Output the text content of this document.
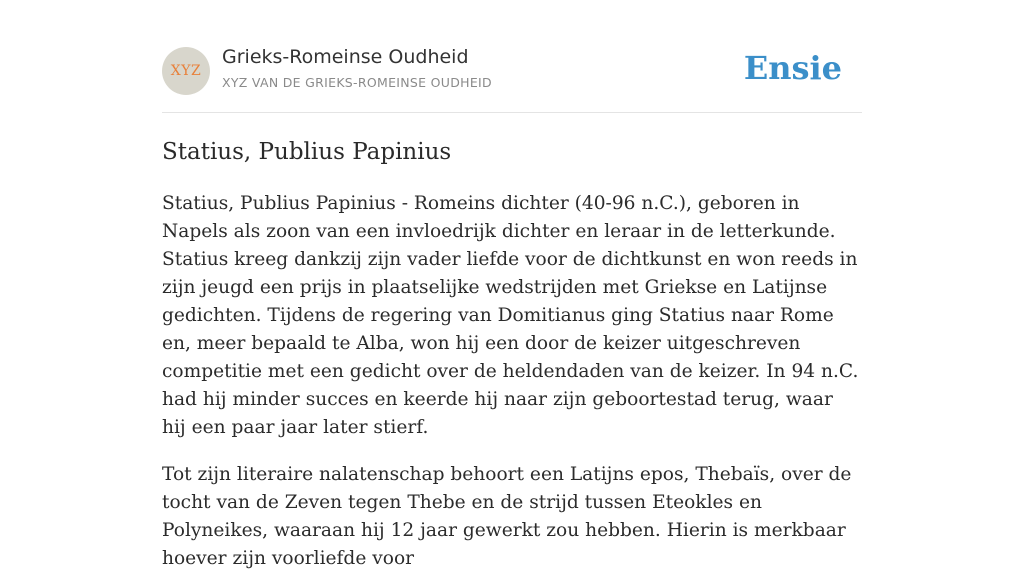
XYZ
Grieks-Romeinse Oudheid
XYZ VAN DE GRIEKS-ROMEINSE OUDHEID	Ensie
Statius, Publius Papinius

Statius, Publius Papinius - Romeins dichter (40-96 n.C.), geboren in Napels als zoon van een invloedrijk dichter en leraar in de letterkunde. Statius kreeg dankzij zijn vader liefde voor de dichtkunst en won reeds in zijn jeugd een prijs in plaatselijke wedstrijden met Griekse en Latijnse gedichten. Tijdens de regering van Domitianus ging Statius naar Rome en, meer bepaald te Alba, won hij een door de keizer uitgeschreven competitie met een gedicht over de heldendaden van de keizer. In 94 n.C. had hij minder succes en keerde hij naar zijn geboortestad terug, waar hij een paar jaar later stierf.

Tot zijn literaire nalatenschap behoort een Latijns epos, Thebaïs, over de tocht van de Zeven tegen Thebe en de strijd tussen Eteokles en Polyneikes, waaraan hij 12 jaar gewerkt zou hebben. Hierin is merkbaar hoever zijn voorliefde voor
